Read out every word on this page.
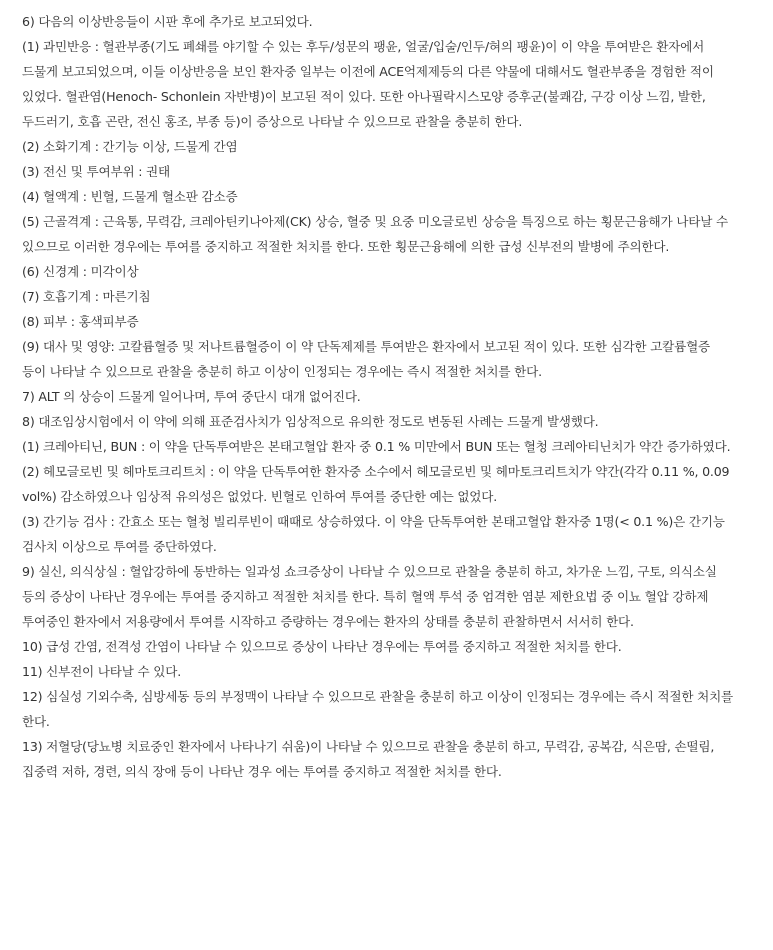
6) 다음의 이상반응들이 시판 후에 추가로 보고되었다.

(1) 과민반응 : 혈관부종(기도 폐쇄를 야기할 수 있는 후두/성문의 팽윤, 얼굴/입술/인두/혀의 팽윤)이 이 약을 투여받은 환자에서 드물게 보고되었으며, 이들 이상반응을 보인 환자중 일부는 이전에 ACE억제제등의 다른 약물에 대해서도 혈관부종을 경험한 적이 있었다. 혈관염(Henoch- Schonlein 자반병)이 보고된 적이 있다. 또한 아나필락시스모양 증후군(불쾌감, 구강 이상 느낌, 발한, 두드러기, 호흡 곤란, 전신 홍조, 부종 등)이 증상으로 나타날 수 있으므로 관찰을 충분히 한다.

(2) 소화기계 : 간기능 이상, 드물게 간염

(3) 전신 및 투여부위 : 권태

(4) 혈액계 : 빈혈, 드물게 혈소판 감소증

(5) 근골격계 : 근육통, 무력감, 크레아틴키나아제(CK) 상승, 혈중 및 요중 미오글로빈 상승을 특징으로 하는 횡문근융해가 나타날 수 있으므로 이러한 경우에는 투여를 중지하고 적절한 처치를 한다. 또한 횡문근융해에 의한 급성 신부전의 발병에 주의한다.

(6) 신경계 : 미각이상

(7) 호흡기계 : 마른기침

(8) 피부 : 홍색피부증

(9) 대사 및 영양: 고칼륨혈증 및 저나트륨혈증이 이 약 단독제제를 투여받은 환자에서 보고된 적이 있다. 또한 심각한 고칼륨혈증 등이 나타날 수 있으므로 관찰을 충분히 하고 이상이 인정되는 경우에는 즉시 적절한 처치를 한다.

7) ALT 의 상승이 드물게 일어나며, 투여 중단시 대개 없어진다.

8) 대조임상시험에서 이 약에 의해 표준검사치가 임상적으로 유의한 정도로 변동된 사례는 드물게 발생했다.

(1) 크레아티닌, BUN : 이 약을 단독투여받은 본태고혈압 환자 중 0.1 % 미만에서 BUN 또는 혈청 크레아티닌치가 약간 증가하였다.

(2) 헤모글로빈 및 헤마토크리트치 : 이 약을 단독투여한 환자중 소수에서 헤모글로빈 및 헤마토크리트치가 약간(각각 0.11 %, 0.09 vol%) 감소하였으나 임상적 유의성은 없었다. 빈혈로 인하여 투여를 중단한 예는 없었다.

(3) 간기능 검사 : 간효소 또는 혈청 빌리루빈이 때때로 상승하였다. 이 약을 단독투여한 본태고혈압 환자중 1명(< 0.1 %)은 간기능 검사치 이상으로 투여를 중단하였다.

9) 실신, 의식상실 : 혈압강하에 동반하는 일과성 쇼크증상이 나타날 수 있으므로 관찰을 충분히 하고, 차가운 느낌, 구토, 의식소실 등의 증상이 나타난 경우에는 투여를 중지하고 적절한 처치를 한다. 특히 혈액 투석 중 엄격한 염분 제한요법 중 이뇨 혈압 강하제 투여중인 환자에서 저용량에서 투여를 시작하고 증량하는 경우에는 환자의 상태를 충분히 관찰하면서 서서히 한다.

10) 급성 간염, 전격성 간염이 나타날 수 있으므로 증상이 나타난 경우에는 투여를 중지하고 적절한 처치를 한다.

11) 신부전이 나타날 수 있다.

12) 심실성 기외수축, 심방세동 등의 부정맥이 나타날 수 있으므로 관찰을 충분히 하고 이상이 인정되는 경우에는 즉시 적절한 처치를 한다.

13) 저혈당(당뇨병 치료중인 환자에서 나타나기 쉬움)이 나타날 수 있으므로 관찰을 충분히 하고, 무력감, 공복감, 식은땀, 손떨림, 집중력 저하, 경련, 의식 장애 등이 나타난 경우 에는 투여를 중지하고 적절한 처치를 한다.
